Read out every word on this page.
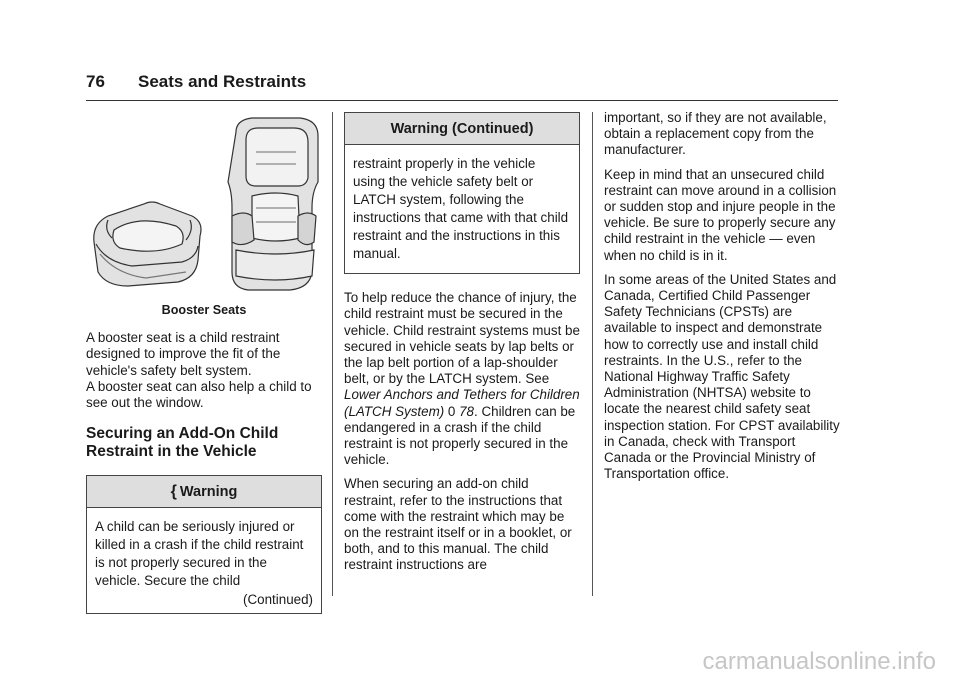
76 Seats and Restraints

Booster Seats

A booster seat is a child restraint designed to improve the fit of the vehicle's safety belt system.

A booster seat can also help a child to see out the window.

Securing an Add-On Child
Restraint in the Vehicle
{ Warning
A child can be seriously injured or killed in a crash if the child restraint is not properly secured in the vehicle. Secure the child
(Continued)
Warning (Continued)
restraint properly in the vehicle using the vehicle safety belt or LATCH system, following the instructions that came with that child restraint and the instructions in this manual.

To help reduce the chance of injury, the child restraint must be secured in the vehicle. Child restraint systems must be secured in vehicle seats by lap belts or the lap belt portion of a lap-shoulder belt, or by the LATCH system. See Lower Anchors and Tethers for Children (LATCH System) 0 78. Children can be endangered in a crash if the child restraint is not properly secured in the vehicle.

When securing an add-on child restraint, refer to the instructions that come with the restraint which may be on the restraint itself or in a booklet, or both, and to this manual. The child restraint instructions are

important, so if they are not available, obtain a replacement copy from the manufacturer.

Keep in mind that an unsecured child restraint can move around in a collision or sudden stop and injure people in the vehicle. Be sure to properly secure any child restraint in the vehicle — even when no child is in it.

In some areas of the United States and Canada, Certified Child Passenger Safety Technicians (CPSTs) are available to inspect and demonstrate how to correctly use and install child restraints. In the U.S., refer to the National Highway Traffic Safety Administration (NHTSA) website to locate the nearest child safety seat inspection station. For CPST availability in Canada, check with Transport Canada or the Provincial Ministry of Transportation office.

carmanualsonline.info
